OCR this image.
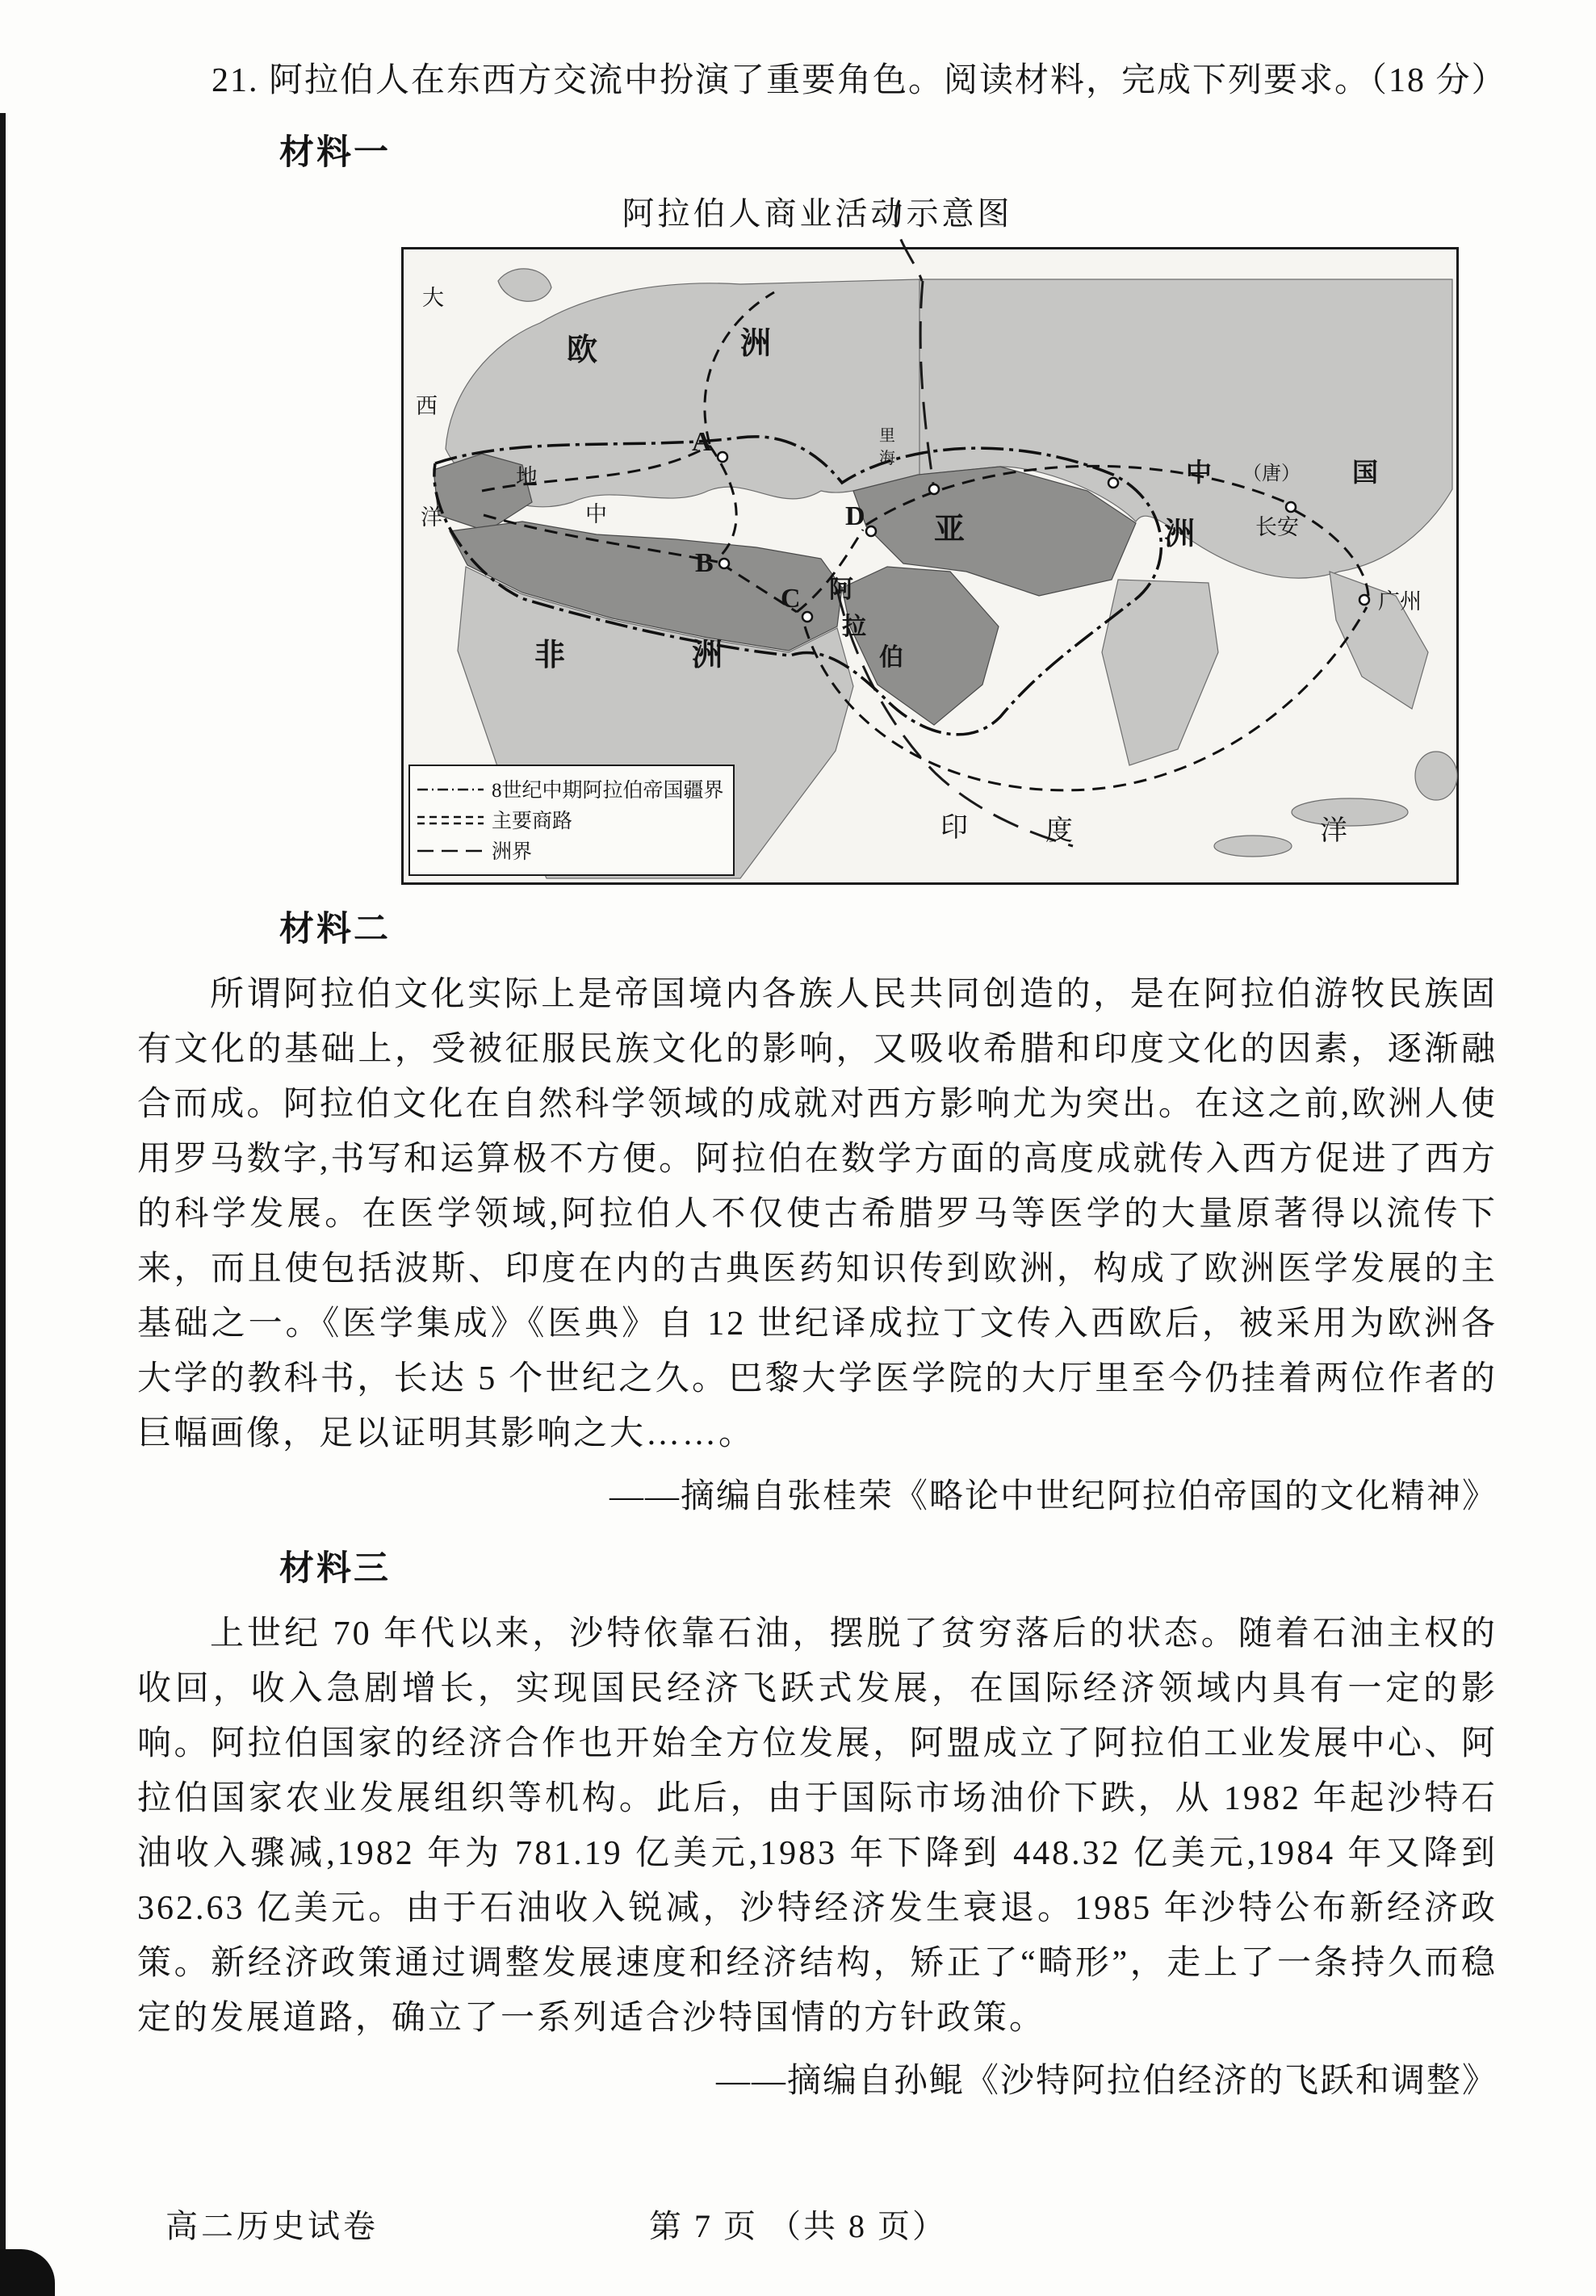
21. 阿拉伯人在东西方交流中扮演了重要角色。阅读材料，完成下列要求。（18 分）
材料一
阿拉伯人商业活动示意图
A
B
C
D
欧	洲
亚	洲
非	洲
阿
拉
伯
中 （唐） 国
长安
广州
印	度	洋
大
西
洋
地
中
里
海
8世纪中期阿拉伯帝国疆界
主要商路
洲界
材料二

所谓阿拉伯文化实际上是帝国境内各族人民共同创造的，是在阿拉伯游牧民族固有文化的基础上，受被征服民族文化的影响，又吸收希腊和印度文化的因素，逐渐融合而成。阿拉伯文化在自然科学领域的成就对西方影响尤为突出。在这之前,欧洲人使用罗马数字,书写和运算极不方便。阿拉伯在数学方面的高度成就传入西方促进了西方的科学发展。在医学领域,阿拉伯人不仅使古希腊罗马等医学的大量原著得以流传下来，而且使包括波斯、印度在内的古典医药知识传到欧洲，构成了欧洲医学发展的主基础之一。《医学集成》《医典》自 12 世纪译成拉丁文传入西欧后，被采用为欧洲各大学的教科书，长达 5 个世纪之久。巴黎大学医学院的大厅里至今仍挂着两位作者的巨幅画像，足以证明其影响之大……。

——摘编自张桂荣《略论中世纪阿拉伯帝国的文化精神》
材料三

上世纪 70 年代以来，沙特依靠石油，摆脱了贫穷落后的状态。随着石油主权的收回，收入急剧增长，实现国民经济飞跃式发展，在国际经济领域内具有一定的影响。阿拉伯国家的经济合作也开始全方位发展，阿盟成立了阿拉伯工业发展中心、阿拉伯国家农业发展组织等机构。此后，由于国际市场油价下跌，从 1982 年起沙特石油收入骤减,1982 年为 781.19 亿美元,1983 年下降到 448.32 亿美元,1984 年又降到 362.63 亿美元。由于石油收入锐减，沙特经济发生衰退。1985 年沙特公布新经济政策。新经济政策通过调整发展速度和经济结构，矫正了“畸形”，走上了一条持久而稳定的发展道路，确立了一系列适合沙特国情的方针政策。

——摘编自孙鲲《沙特阿拉伯经济的飞跃和调整》
高二历史试卷	第 7 页 （共 8 页）
